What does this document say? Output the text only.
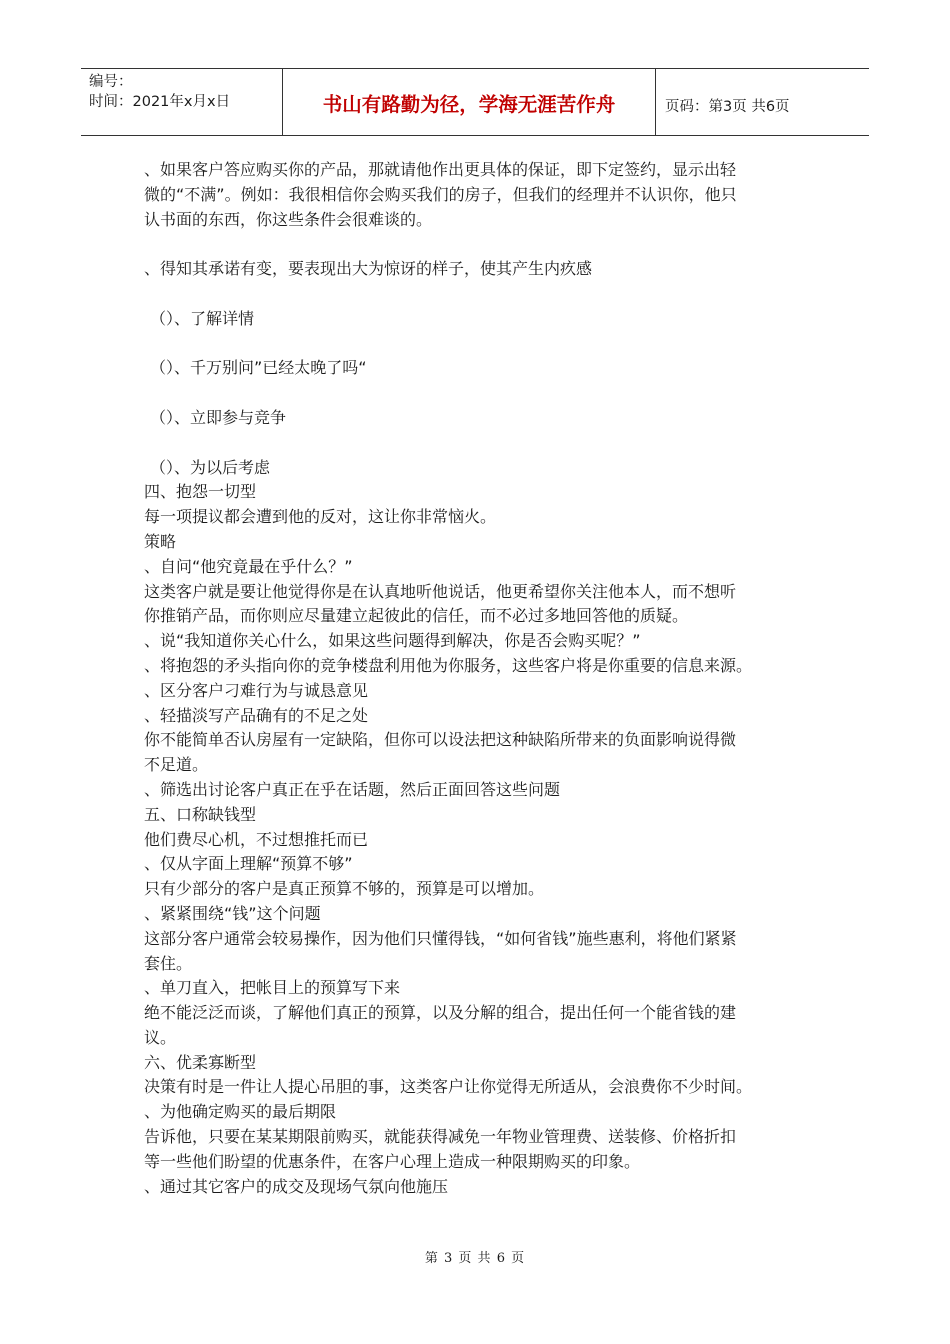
编号：
时间：2021年x月x日	书山有路勤为径，学海无涯苦作舟	页码：第3页 共6页

、如果客户答应购买你的产品，那就请他作出更具体的保证，即下定签约，显示出轻

微的“不满”。例如：我很相信你会购买我们的房子，但我们的经理并不认识你，他只

认书面的东西，你这些条件会很难谈的。

、得知其承诺有变，要表现出大为惊讶的样子，使其产生内疚感

（）、了解详情

（）、千万别问”已经太晚了吗“

（）、立即参与竞争

（）、为以后考虑

四、抱怨一切型

每一项提议都会遭到他的反对，这让你非常恼火。

策略

、自问“他究竟最在乎什么？”

这类客户就是要让他觉得你是在认真地听他说话，他更希望你关注他本人，而不想听

你推销产品，而你则应尽量建立起彼此的信任，而不必过多地回答他的质疑。

、说“我知道你关心什么，如果这些问题得到解决，你是否会购买呢？”

、将抱怨的矛头指向你的竞争楼盘利用他为你服务，这些客户将是你重要的信息来源。

、区分客户刁难行为与诚恳意见

、轻描淡写产品确有的不足之处

你不能简单否认房屋有一定缺陷，但你可以设法把这种缺陷所带来的负面影响说得微

不足道。

、筛选出讨论客户真正在乎在话题，然后正面回答这些问题

五、口称缺钱型

他们费尽心机，不过想推托而已

、仅从字面上理解“预算不够”

只有少部分的客户是真正预算不够的，预算是可以增加。

、紧紧围绕“钱”这个问题

这部分客户通常会较易操作，因为他们只懂得钱，“如何省钱”施些惠利，将他们紧紧

套住。

、单刀直入，把帐目上的预算写下来

绝不能泛泛而谈，了解他们真正的预算，以及分解的组合，提出任何一个能省钱的建

议。

六、优柔寡断型

决策有时是一件让人提心吊胆的事，这类客户让你觉得无所适从，会浪费你不少时间。

、为他确定购买的最后期限

告诉他，只要在某某期限前购买，就能获得减免一年物业管理费、送装修、价格折扣

等一些他们盼望的优惠条件，在客户心理上造成一种限期购买的印象。

、通过其它客户的成交及现场气氛向他施压

第 3 页 共 6 页
